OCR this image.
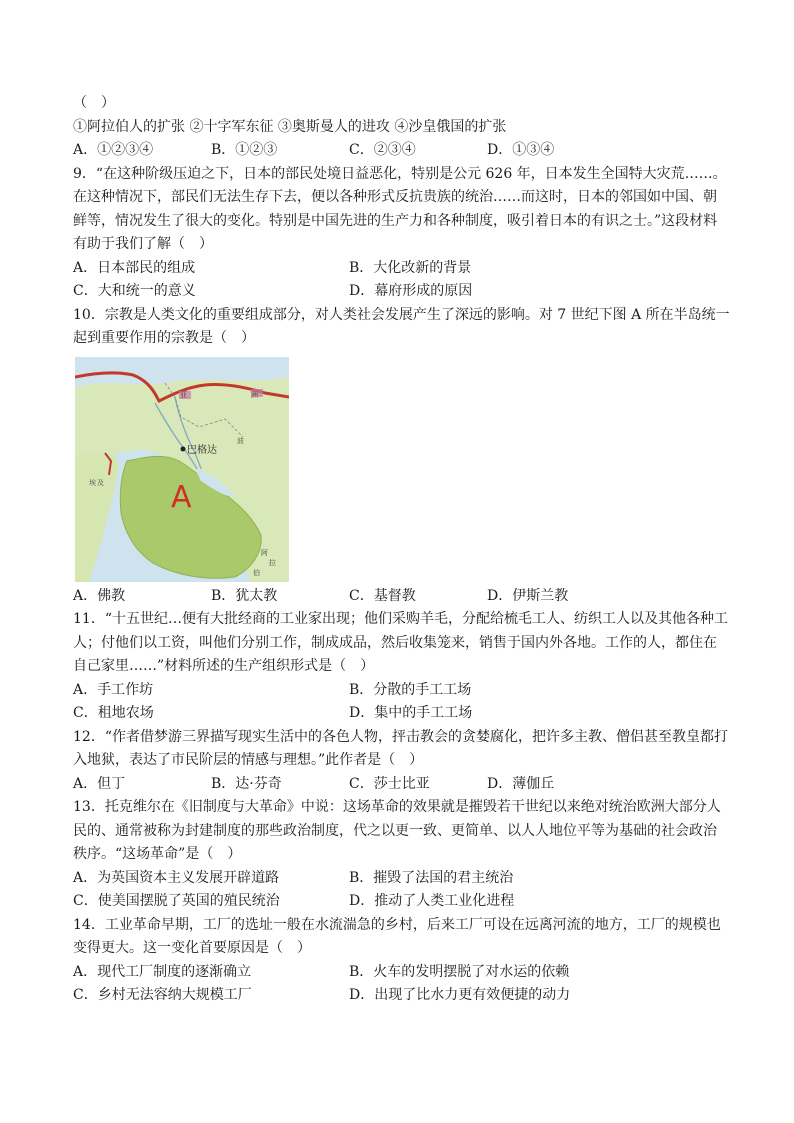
（　）
①阿拉伯人的扩张 ②十字军东征 ③奥斯曼人的进攻 ④沙皇俄国的扩张
A．①②③④	B．①②③	C．②③④	D．①③④
9．“在这种阶级压迫之下，日本的部民处境日益恶化，特别是公元 626 年，日本发生全国特大灾荒……。
在这种情况下，部民们无法生存下去，便以各种形式反抗贵族的统治……而这时，日本的邻国如中国、朝
鲜等，情况发生了很大的变化。特别是中国先进的生产力和各种制度，吸引着日本的有识之士。”这段材料
有助于我们了解（　）
A．日本部民的组成	B．大化改新的背景
C．大和统一的意义	D．幕府形成的原因
10．宗教是人类文化的重要组成部分，对人类社会发展产生了深远的影响。对 7 世纪下图 A 所在半岛统一
起到重要作用的宗教是（　）
巴格达
A
亚	洲
波
埃 及
阿
拉
伯
A．佛教	B．犹太教	C．基督教	D．伊斯兰教
11．“十五世纪…便有大批经商的工业家出现；他们采购羊毛，分配给梳毛工人、纺织工人以及其他各种工
人；付他们以工资，叫他们分别工作，制成成品，然后收集笼来，销售于国内外各地。工作的人，都住在
自己家里……”材料所述的生产组织形式是（　）
A．手工作坊	B．分散的手工工场
C．租地农场	D．集中的手工工场
12．“作者借梦游三界描写现实生活中的各色人物，抨击教会的贪婪腐化，把许多主教、僧侣甚至教皇都打
入地狱，表达了市民阶层的情感与理想。”此作者是（　）
A．但丁	B．达·芬奇	C．莎士比亚	D．薄伽丘
13．托克维尔在《旧制度与大革命》中说：这场革命的效果就是摧毁若干世纪以来绝对统治欧洲大部分人
民的、通常被称为封建制度的那些政治制度，代之以更一致、更简单、以人人地位平等为基础的社会政治
秩序。“这场革命”是（　）
A．为英国资本主义发展开辟道路	B．摧毁了法国的君主统治
C．使美国摆脱了英国的殖民统治	D．推动了人类工业化进程
14．工业革命早期，工厂的选址一般在水流湍急的乡村，后来工厂可设在远离河流的地方，工厂的规模也
变得更大。这一变化首要原因是（　）
A．现代工厂制度的逐渐确立	B．火车的发明摆脱了对水运的依赖
C．乡村无法容纳大规模工厂	D．出现了比水力更有效便捷的动力
